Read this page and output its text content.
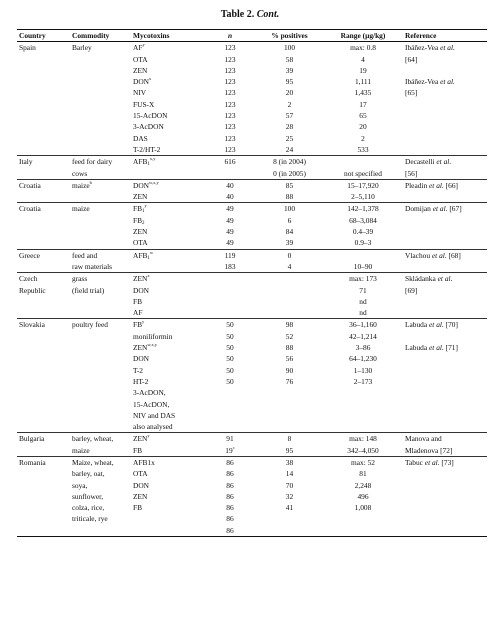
Table 2. Cont.
Country	Commodity	Mycotoxins	n	% positives	Range (µg/kg)	Reference
Spain	Barley	$AF^y$	123	100	max: 0.8	Ibáñez-Vea et al.
		OTA	123	58	4	[64]
		ZEN	123	39	19	
		DON$^x$	123	95	1,111	Ibáñez-Vea et al.
		NIV	123	20	1,435	[65]
		FUS-X	123	2	17	
		15-AcDON	123	57	65	
		3-AcDON	123	28	20	
		DAS	123	25	2	
		T-2/HT-2	123	24	533	
Italy	feed for dairy	$AFB_1^{x,y}$	616	8 (in 2004)		Decastelli et al.
	cows			0 (in 2005)	not specified	[56]
Croatia	maize$^b$	DON$^{w,x,y}$	40	85	15–17,920	Pleadin et al. [66]
		ZEN	40	88	2–5,110	
Croatia	maize	$FB_1^y$	49	100	142–1,378	Domijan et al. [67]
		$FB_2$	49	6	68–3,084	
		ZEN	49	84	0.4–39	
		OTA	49	39	0.9–3	
Greece	feed and	$AFB_1^w$	119	0		Vlachou et al. [68]
	raw materials		183	4	10–90	
Czech	grass	ZEN$^x$			max: 173	Skládanka et al.
Republic	(field trial)	DON			71	[69]
		FB			nd	
		AF			nd	
Slovakia	poultry feed	$FB^y$	50	98	36–1,160	Labuda et al. [70]
		moniliformin	50	52	42–1,214	
		ZEN$^{w,x,y}$	50	88	3–86	Labuda et al. [71]
		DON	50	56	64–1,230	
		T-2	50	90	1–130	
		HT-2	50	76	2–173	
		3-AcDON,				
		15-AcDON,				
		NIV and DAS				
		also analysed				
Bulgaria	barley, wheat,	ZEN$^y$	91	8	max: 148	Manova and
	maize	FB	19$^c$	95	342–4,050	Mladenova [72]
Romania	Maize, wheat,	AFB1x	86	38	max: 52	Tabuc et al. [73]
	barley, oat,	OTA	86	14	81	
	soya,	DON	86	70	2,248	
	sunflower,	ZEN	86	32	496	
	colza, rice,	FB	86	41	1,008	
	triticale, rye		86			
			86			
